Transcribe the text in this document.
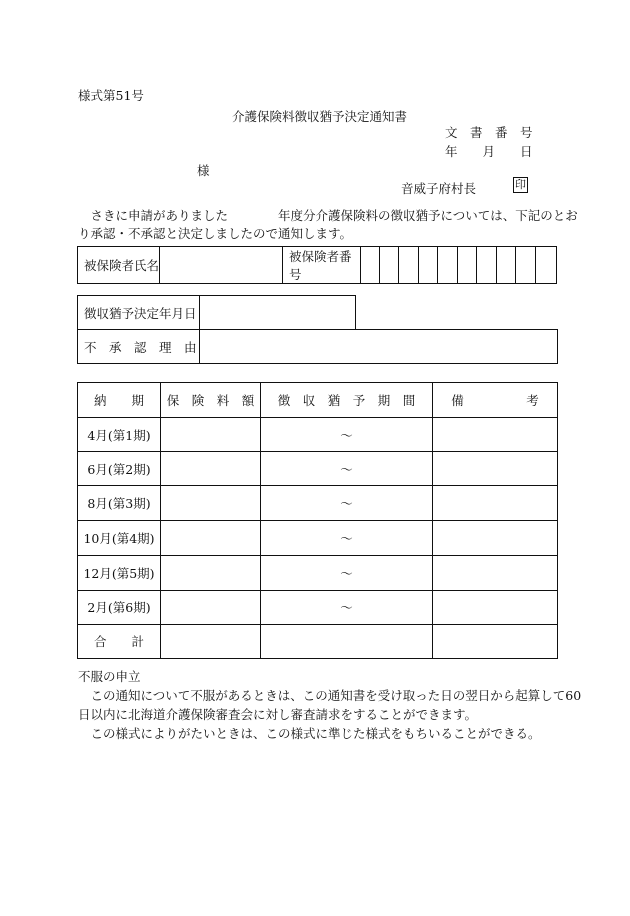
様式第51号
介護保険料徴収猶予決定通知書
文　書　番　号
年　　月　　日
様
音威子府村長	印
　さきに申請がありました　　　　年度分介護保険料の徴収猶予については、下記のとお
り承認・不承認と決定しましたので通知します。
被保険者氏名		被保険者番号										
徴収猶予決定年月日	
不　承　認　理　由	
納　　期	保　険　料　額	徴　収　猶　予　期　間	備　　　　　考
4月(第1期)		～	
6月(第2期)		～	
8月(第3期)		～	
10月(第4期)		～	
12月(第5期)		～	
2月(第6期)		～	
合　　計			
不服の申立
　この通知について不服があるときは、この通知書を受け取った日の翌日から起算して60
日以内に北海道介護保険審査会に対し審査請求をすることができます。
　この様式によりがたいときは、この様式に準じた様式をもちいることができる。
